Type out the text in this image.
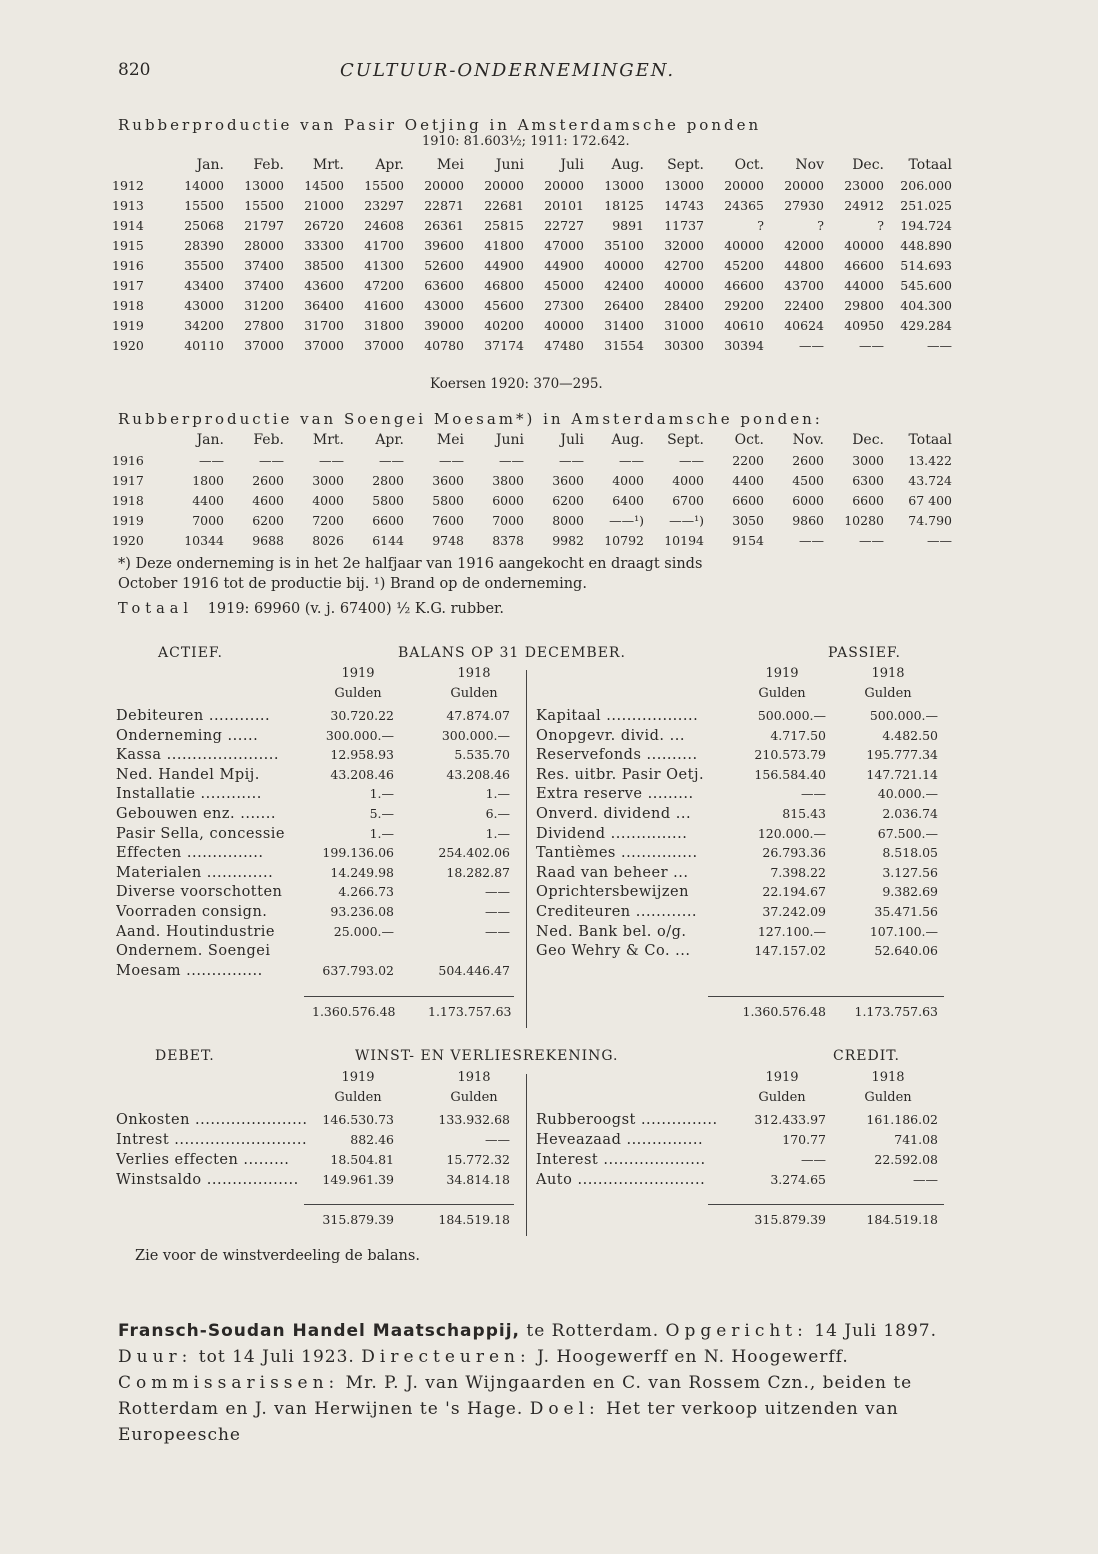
820	CULTUUR-ONDERNEMINGEN.
Rubberproductie van Pasir Oetjing in Amsterdamsche ponden
1910: 81.603½; 1911: 172.642.
	Jan.	Feb.	Mrt.	Apr.	Mei	Juni	Juli	Aug.	Sept.	Oct.	Nov	Dec.	Totaal
1912	14000	13000	14500	15500	20000	20000	20000	13000	13000	20000	20000	23000	206.000
1913	15500	15500	21000	23297	22871	22681	20101	18125	14743	24365	27930	24912	251.025
1914	25068	21797	26720	24608	26361	25815	22727	9891	11737	?	?	?	194.724
1915	28390	28000	33300	41700	39600	41800	47000	35100	32000	40000	42000	40000	448.890
1916	35500	37400	38500	41300	52600	44900	44900	40000	42700	45200	44800	46600	514.693
1917	43400	37400	43600	47200	63600	46800	45000	42400	40000	46600	43700	44000	545.600
1918	43000	31200	36400	41600	43000	45600	27300	26400	28400	29200	22400	29800	404.300
1919	34200	27800	31700	31800	39000	40200	40000	31400	31000	40610	40624	40950	429.284
1920	40110	37000	37000	37000	40780	37174	47480	31554	30300	30394	——	——	——
Koersen 1920: 370—295.
Rubberproductie van Soengei Moesam*) in Amsterdamsche ponden:
	Jan.	Feb.	Mrt.	Apr.	Mei	Juni	Juli	Aug.	Sept.	Oct.	Nov.	Dec.	Totaal
1916	——	——	——	——	——	——	——	——	——	2200	2600	3000	13.422
1917	1800	2600	3000	2800	3600	3800	3600	4000	4000	4400	4500	6300	43.724
1918	4400	4600	4000	5800	5800	6000	6200	6400	6700	6600	6000	6600	67 400
1919	7000	6200	7200	6600	7600	7000	8000	——¹)	——¹)	3050	9860	10280	74.790
1920	10344	9688	8026	6144	9748	8378	9982	10792	10194	9154	——	——	——
*) Deze onderneming is in het 2e halfjaar van 1916 aangekocht en draagt sinds
October 1916 tot de productie bij. ¹) Brand op de onderneming.
Totaal 1919: 69960 (v. j. 67400) ½ K.G. rubber.
ACTIEF.	BALANS OP 31 DECEMBER.	PASSIEF.
1919	1918
Gulden	Gulden
1919	1918
Gulden	Gulden
Debiteuren ............	30.720.22	47.874.07
Onderneming ......	300.000.—	300.000.—
Kassa ......................	12.958.93	5.535.70
Ned. Handel Mpij.	43.208.46	43.208.46
Installatie ............	1.—	1.—
Gebouwen enz. .......	5.—	6.—
Pasir Sella, concessie	1.—	1.—
Effecten ...............	199.136.06	254.402.06
Materialen .............	14.249.98	18.282.87
Diverse voorschotten	4.266.73	——
Voorraden consign.	93.236.08	——
Aand. Houtindustrie	25.000.—	——
Ondernem. Soengei
Moesam ...............	637.793.02	504.446.47
Kapitaal ..................	500.000.—	500.000.—
Onopgevr. divid. ...	4.717.50	4.482.50
Reservefonds ..........	210.573.79	195.777.34
Res. uitbr. Pasir Oetj.	156.584.40	147.721.14
Extra reserve .........	——	40.000.—
Onverd. dividend ...	815.43	2.036.74
Dividend ...............	120.000.—	67.500.—
Tantièmes ...............	26.793.36	8.518.05
Raad van beheer ...	7.398.22	3.127.56
Oprichtersbewijzen	22.194.67	9.382.69
Crediteuren ............	37.242.09	35.471.56
Ned. Bank bel. o/g.	127.100.—	107.100.—
Geo Wehry & Co. ...	147.157.02	52.640.06
1.360.576.48	1.173.757.63	1.360.576.48	1.173.757.63
DEBET.	WINST- EN VERLIESREKENING.	CREDIT.
1919	1918
Gulden	Gulden
1919	1918
Gulden	Gulden
Onkosten ......................	146.530.73	133.932.68
Intrest ..........................	882.46	——
Verlies effecten .........	18.504.81	15.772.32
Winstsaldo ..................	149.961.39	34.814.18
Rubberoogst ...............	312.433.97	161.186.02
Heveazaad ...............	170.77	741.08
Interest ....................	——	22.592.08
Auto .........................	3.274.65	——
315.879.39	184.519.18	315.879.39	184.519.18
Zie voor de winstverdeeling de balans.
Fransch-Soudan Handel Maatschappij, te Rotterdam. Opgericht: 14 Juli 1897. Duur: tot 14 Juli 1923. Directeuren: J. Hoogewerff en N. Hoogewerff. Commissarissen: Mr. P. J. van Wijngaarden en C. van Rossem Czn., beiden te Rotterdam en J. van Herwijnen te 's Hage. Doel: Het ter verkoop uitzenden van Europeesche
